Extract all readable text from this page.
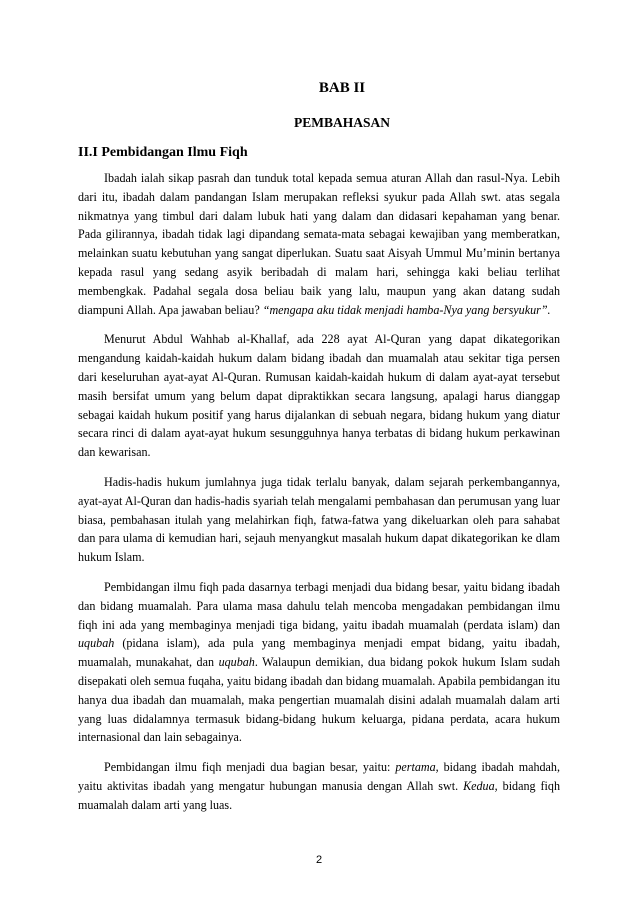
BAB II
PEMBAHASAN
II.I Pembidangan Ilmu Fiqh

Ibadah ialah sikap pasrah dan tunduk total kepada semua aturan Allah dan rasul-Nya. Lebih dari itu, ibadah dalam pandangan Islam merupakan refleksi syukur pada Allah swt. atas segala nikmatnya yang timbul dari dalam lubuk hati yang dalam dan didasari kepahaman yang benar. Pada gilirannya, ibadah tidak lagi dipandang semata-mata sebagai kewajiban yang memberatkan, melainkan suatu kebutuhan yang sangat diperlukan. Suatu saat Aisyah Ummul Mu’minin bertanya kepada rasul yang sedang asyik beribadah di malam hari, sehingga kaki beliau terlihat membengkak. Padahal segala dosa beliau baik yang lalu, maupun yang akan datang sudah diampuni Allah. Apa jawaban beliau? “mengapa aku tidak menjadi hamba-Nya yang bersyukur”.

Menurut Abdul Wahhab al-Khallaf, ada 228 ayat Al-Quran yang dapat dikategorikan mengandung kaidah-kaidah hukum dalam bidang ibadah dan muamalah atau sekitar tiga persen dari keseluruhan ayat-ayat Al-Quran. Rumusan kaidah-kaidah hukum di dalam ayat-ayat tersebut masih bersifat umum yang belum dapat dipraktikkan secara langsung, apalagi harus dianggap sebagai kaidah hukum positif yang harus dijalankan di sebuah negara, bidang hukum yang diatur secara rinci di dalam ayat-ayat hukum sesungguhnya hanya terbatas di bidang hukum perkawinan dan kewarisan.

Hadis-hadis hukum jumlahnya juga tidak terlalu banyak, dalam sejarah perkembangannya, ayat-ayat Al-Quran dan hadis-hadis syariah telah mengalami pembahasan dan perumusan yang luar biasa, pembahasan itulah yang melahirkan fiqh, fatwa-fatwa yang dikeluarkan oleh para sahabat dan para ulama di kemudian hari, sejauh menyangkut masalah hukum dapat dikategorikan ke dlam hukum Islam.

Pembidangan ilmu fiqh pada dasarnya terbagi menjadi dua bidang besar, yaitu bidang ibadah dan bidang muamalah. Para ulama masa dahulu telah mencoba mengadakan pembidangan ilmu fiqh ini ada yang membaginya menjadi tiga bidang, yaitu ibadah muamalah (perdata islam) dan uqubah (pidana islam), ada pula yang membaginya menjadi empat bidang, yaitu ibadah, muamalah, munakahat, dan uqubah. Walaupun demikian, dua bidang pokok hukum Islam sudah disepakati oleh semua fuqaha, yaitu bidang ibadah dan bidang muamalah. Apabila pembidangan itu hanya dua ibadah dan muamalah, maka pengertian muamalah disini adalah muamalah dalam arti yang luas didalamnya termasuk bidang-bidang hukum keluarga, pidana perdata, acara hukum internasional dan lain sebagainya.

Pembidangan ilmu fiqh menjadi dua bagian besar, yaitu: pertama, bidang ibadah mahdah, yaitu aktivitas ibadah yang mengatur hubungan manusia dengan Allah swt. Kedua, bidang fiqh muamalah dalam arti yang luas.

2
